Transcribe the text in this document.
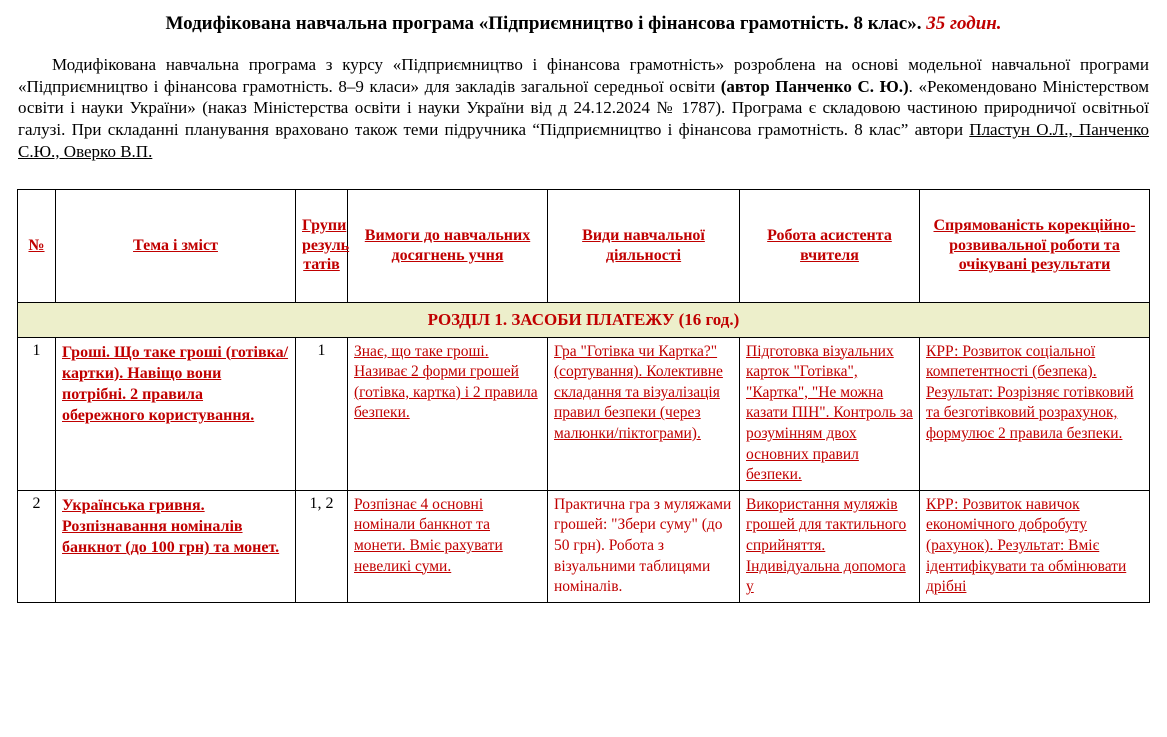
Модифікована навчальна програма «Підприємництво і фінансова грамотність. 8 клас». 35 годин.

Модифікована навчальна програма з курсу «Підприємництво і фінансова грамотність» розроблена на основі модельної навчальної програми «Підприємництво і фінансова грамотність. 8–9 класи» для закладів загальної середньої освіти (автор Панченко С. Ю.). «Рекомендовано Міністерством освіти і науки України» (наказ Міністерства освіти і науки України від д 24.12.2024 № 1787). Програма є складовою частиною природничої освітньої галузі. При складанні планування враховано також теми підручника “Підприємництво і фінансова грамотність. 8 клас” автори Пластун О.Л., Панченко С.Ю., Оверко В.П.

№	Тема і зміст	Групи резуль татів	Вимоги до навчальних досягнень учня	Види навчальної діяльності	Робота асистента вчителя	Спрямованість корекційно-розвивальної роботи та очікувані результати
РОЗДІЛ 1. ЗАСОБИ ПЛАТЕЖУ (16 год.)						
1	Гроші. Що таке гроші (готівка/картки). Навіщо вони потрібні. 2 правила обережного користування.	1	Знає, що таке гроші. Називає 2 форми грошей (готівка, картка) і 2 правила безпеки.	Гра "Готівка чи Картка?" (сортування). Колективне складання та візуалізація правил безпеки (через малюнки/піктограми).	Підготовка візуальних карток "Готівка", "Картка", "Не можна казати ПІН". Контроль за розумінням двох основних правил безпеки.	КРР: Розвиток соціальної компетентності (безпека). Результат: Розрізняє готівковий та безготівковий розрахунок, формулює 2 правила безпеки.
2	Українська гривня. Розпізнавання номіналів банкнот (до 100 грн) та монет.	1, 2	Розпізнає 4 основні номінали банкнот та монети. Вміє рахувати невеликі суми.	Практична гра з муляжами грошей: "Збери суму" (до 50 грн). Робота з візуальними таблицями номіналів.	Використання муляжів грошей для тактильного сприйняття. Індивідуальна допомога у	КРР: Розвиток навичок економічного добробуту (рахунок). Результат: Вміє ідентифікувати та обмінювати дрібні
